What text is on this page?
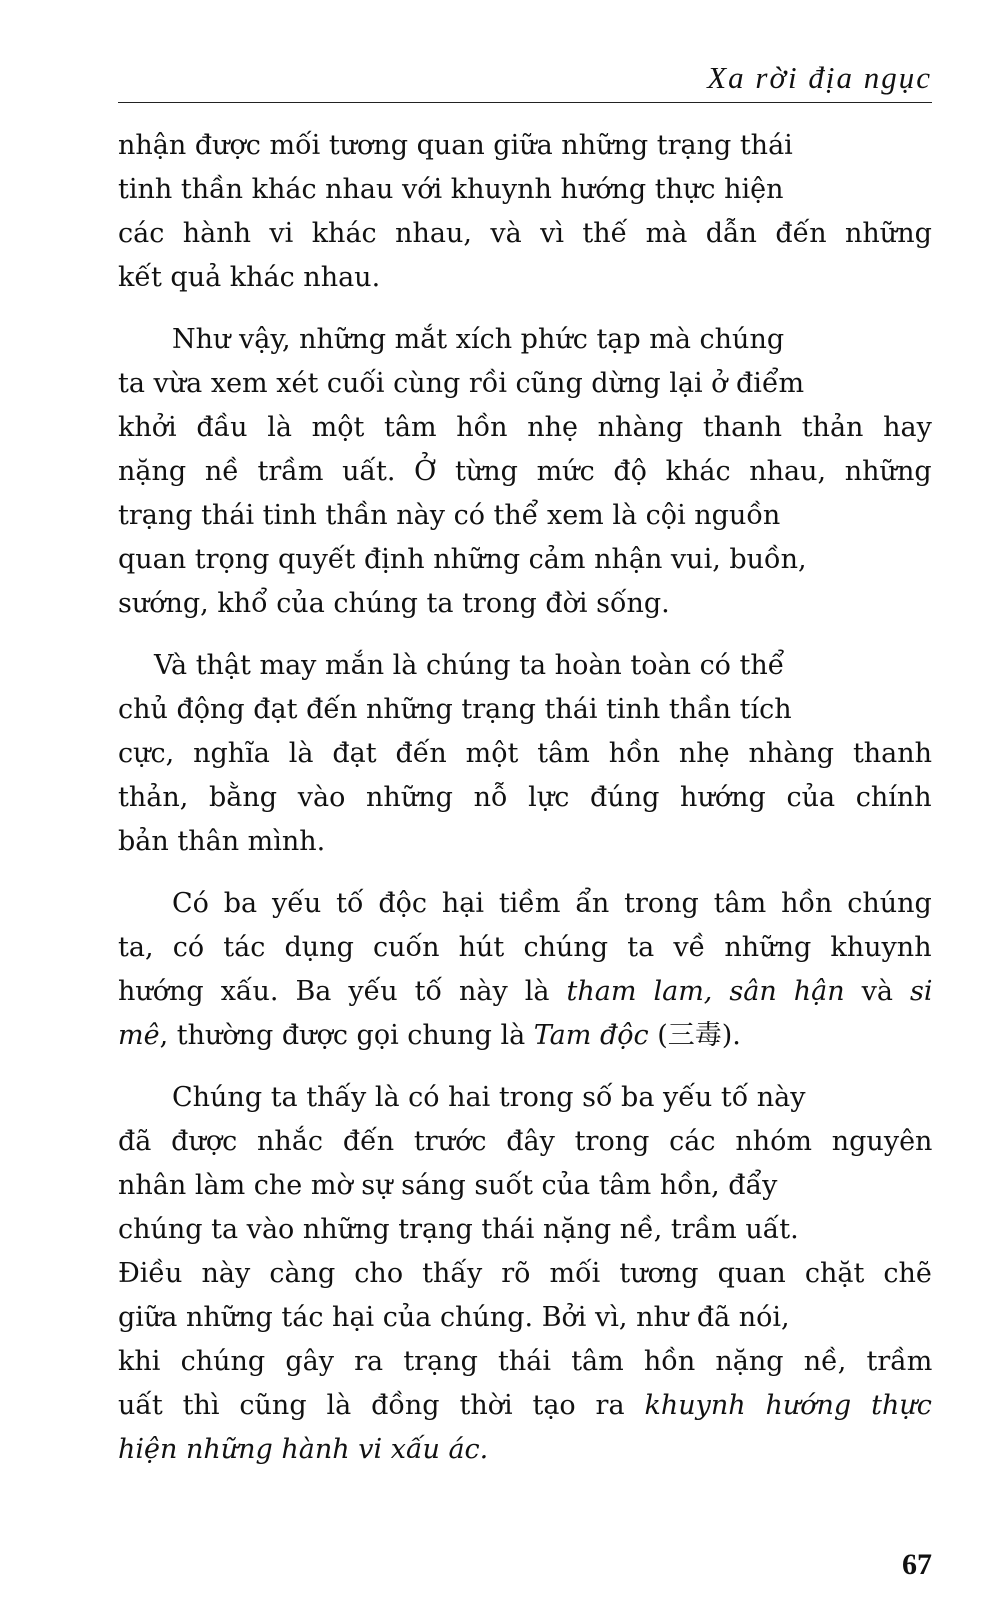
Xa rời địa ngục

nhận được mối tương quan giữa những trạng thái
tinh thần khác nhau với khuynh hướng thực hiện
các hành vi khác nhau, và vì thế mà dẫn đến những
kết quả khác nhau.

Như vậy, những mắt xích phức tạp mà chúng
ta vừa xem xét cuối cùng rồi cũng dừng lại ở điểm
khởi đầu là một tâm hồn nhẹ nhàng thanh thản hay
nặng nề trầm uất. Ở từng mức độ khác nhau, những
trạng thái tinh thần này có thể xem là cội nguồn
quan trọng quyết định những cảm nhận vui, buồn,
sướng, khổ của chúng ta trong đời sống.

Và thật may mắn là chúng ta hoàn toàn có thể
chủ động đạt đến những trạng thái tinh thần tích
cực, nghĩa là đạt đến một tâm hồn nhẹ nhàng thanh
thản, bằng vào những nỗ lực đúng hướng của chính
bản thân mình.

Có ba yếu tố độc hại tiềm ẩn trong tâm hồn chúng
ta, có tác dụng cuốn hút chúng ta về những khuynh
hướng xấu. Ba yếu tố này là tham lam, sân hận và si
mê, thường được gọi chung là Tam độc (三毒).

Chúng ta thấy là có hai trong số ba yếu tố này
đã được nhắc đến trước đây trong các nhóm nguyên
nhân làm che mờ sự sáng suốt của tâm hồn, đẩy
chúng ta vào những trạng thái nặng nề, trầm uất.
Điều này càng cho thấy rõ mối tương quan chặt chẽ
giữa những tác hại của chúng. Bởi vì, như đã nói,
khi chúng gây ra trạng thái tâm hồn nặng nề, trầm
uất thì cũng là đồng thời tạo ra khuynh hướng thực
hiện những hành vi xấu ác.

67
